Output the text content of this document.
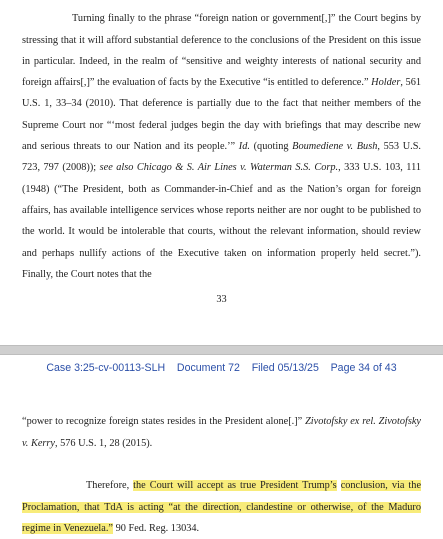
Turning finally to the phrase “foreign nation or government[,]” the Court begins by stressing that it will afford substantial deference to the conclusions of the President on this issue in particular. Indeed, in the realm of “sensitive and weighty interests of national security and foreign affairs[,]” the evaluation of facts by the Executive “is entitled to deference.” Holder, 561 U.S. 1, 33–34 (2010). That deference is partially due to the fact that neither members of the Supreme Court nor “‘most federal judges begin the day with briefings that may describe new and serious threats to our Nation and its people.’” Id. (quoting Boumediene v. Bush, 553 U.S. 723, 797 (2008)); see also Chicago & S. Air Lines v. Waterman S.S. Corp., 333 U.S. 103, 111 (1948) (“The President, both as Commander-in-Chief and as the Nation’s organ for foreign affairs, has available intelligence services whose reports neither are nor ought to be published to the world. It would be intolerable that courts, without the relevant information, should review and perhaps nullify actions of the Executive taken on information properly held secret.”). Finally, the Court notes that the

33
Case 3:25-cv-00113-SLH    Document 72    Filed 05/13/25    Page 34 of 43

“power to recognize foreign states resides in the President alone[.]” Zivotofsky ex rel. Zivotofsky v. Kerry, 576 U.S. 1, 28 (2015).

Therefore, the Court will accept as true President Trump’s conclusion, via the Proclamation, that TdA is acting “at the direction, clandestine or otherwise, of the Maduro regime in Venezuela.” 90 Fed. Reg. 13034.
